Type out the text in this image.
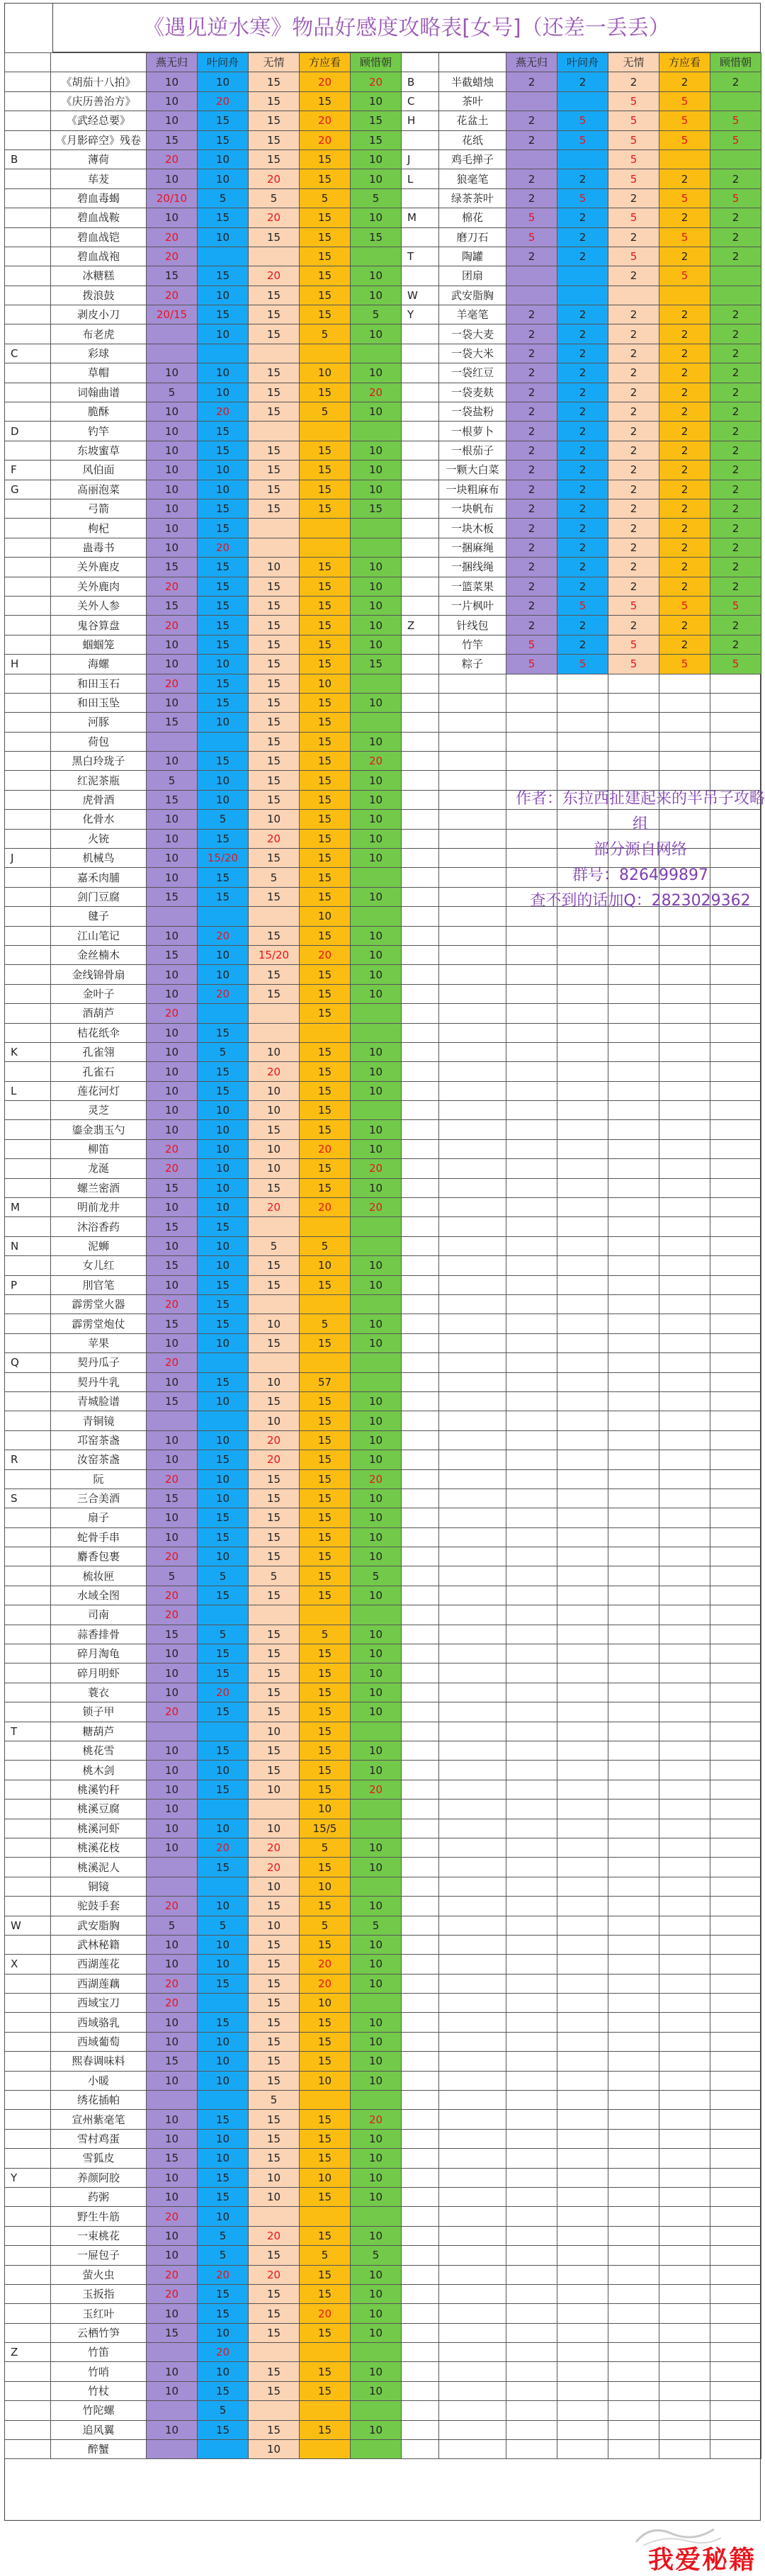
《遇见逆水寒》物品好感度攻略表[女号]（还差一丢丢）
		燕无归	叶问舟	无情	方应看	顾惜朝
	《胡茄十八拍》	10	10	15	20	20
	《庆历善治方》	10	20	15	15	10
	《武经总要》	10	15	15	20	15
	《月影碎空》残卷	15	15	15	20	15
B	薄荷	20	10	15	15	10
	荜茇	10	10	20	15	10
	碧血毒蝎	20/10	5	5	5	5
	碧血战鞍	10	15	20	15	10
	碧血战铠	20	10	15	15	15
	碧血战袍	20			15	
	冰糖糕	15	15	20	15	10
	拨浪鼓	20	10	15	15	10
	剥皮小刀	20/15	15	15	15	5
	布老虎		10	15	5	10
C	彩球					
	草帽	10	10	15	10	10
	词翰曲谱	5	10	15	15	20
	脆酥	10	20	15	5	10
D	钓竿	10	15			
	东坡蜜草	10	15	15	15	10
F	风伯面	10	10	15	15	10
G	高丽泡菜	10	10	15	15	10
	弓箭	10	15	15	15	15
	枸杞	10	15			
	蛊毒书	10	20			
	关外鹿皮	15	15	10	15	10
	关外鹿肉	20	15	15	15	10
	关外人参	15	15	15	15	10
	鬼谷算盘	20	15	15	15	10
	蝈蝈笼	10	15	15	15	10
H	海螺	10	10	15	15	15
	和田玉石	20	15	15	10	
	和田玉坠	10	15	15	15	10
	河豚	15	10	15	15	
	荷包			15	15	10
	黑白玲珑子	10	15	15	15	20
	红泥茶瓶	5	10	15	15	10
	虎骨酒	15	10	15	15	10
	化骨水	10	5	10	15	10
	火铳	10	15	20	15	10
J	机械鸟	10	15/20	15	15	10
	嘉禾肉脯	10	15	5	15	
	剑门豆腐	15	15	15	15	10
	毽子				10	
	江山笔记	10	20	15	15	10
	金丝楠木	15	10	15/20	20	10
	金线锦骨扇	10	10	15	15	10
	金叶子	10	20	15	15	10
	酒葫芦	20			15	
	桔花纸伞	10	15			
K	孔雀翎	10	5	10	15	10
	孔雀石	10	15	20	15	10
L	莲花河灯	10	15	10	15	10
	灵芝	10	10	10	15	
	鎏金翡玉勺	10	10	15	15	10
	柳笛	20	10	10	20	10
	龙涎	20	10	10	15	20
	螺兰密酒	15	10	15	15	10
M	明前龙井	10	10	20	20	20
	沐浴香药	15	15			
N	泥蛳	10	10	5	5	
	女儿红	15	10	15	10	10
P	刖官笔	10	15	15	15	10
	霹雳堂火器	20	15			
	霹雳堂炮仗	15	15	10	5	10
	苹果	10	10	15	15	10
Q	契丹瓜子	20				
	契丹牛乳	10	15	10	57	
	青城脸谱	15	10	15	15	10
	青铜镜			10	15	10
	邛窑茶盏	10	10	20	15	10
R	汝窑茶盏	10	15	20	15	10
	阮	20	10	15	15	20
S	三合美酒	15	10	15	15	10
	扇子	10	15	15	15	10
	蛇骨手串	10	15	15	15	10
	麝香包裹	20	10	15	15	10
	梳妆匣	5	5	5	15	5
	水域全图	20	15	15	15	10
	司南	20				
	蒜香排骨	15	5	15	5	10
	碎月淘龟	10	15	15	15	10
	碎月明虾	10	15	15	15	10
	蓑衣	10	20	15	15	10
	锁子甲	20	15	15	15	10
T	糖葫芦			10	15	
	桃花雪	10	15	15	15	10
	桃木剑	10	10	15	15	10
	桃溪钓秆	10	15	10	15	20
	桃溪豆腐	10			10	
	桃溪河虾	10	10	10	15/5	
	桃溪花枝	10	20	20	5	10
	桃溪泥人		15	20	15	10
	铜镜			10	10	
	驼鼓手套	20	10	15	15	10
W	武安脂胸	5	5	10	5	5
	武林秘籍	10	10	15	15	10
X	西湖莲花	10	10	15	20	10
	西湖莲藕	20	15	15	20	10
	西域宝刀	20		15	10	
	西域骆乳	10	15	15	15	10
	西域葡萄	10	10	15	15	10
	熙春调味料	15	10	15	15	10
	小暖	10	10	15	10	10
	绣花插帕			5		
	宣州紫毫笔	10	15	15	15	20
	雪村鸡蛋	10	10	15	15	10
	雪狐皮	15	10	15	15	10
Y	养颜阿胶	10	15	10	10	10
	药粥	10	15	10	15	10
	野生牛筋	20	10			
	一束桃花	10	5	20	15	10
	一屉包子	10	5	15	5	5
	萤火虫	20	20	20	15	10
	玉扳指	20	15	15	15	10
	玉红叶	10	15	15	20	10
	云栖竹笋	15	10	15	15	10
Z	竹笛		20			
	竹哨	10	10	15	15	10
	竹杖	10	15	15	15	10
	竹陀螺		5			
	追风翼	10	15	15	15	10
	醉蟹			10		
		燕无归	叶问舟	无情	方应看	顾惜朝
B	半截蜡烛	2	2	2	2	2
C	茶叶			5	5	
H	花盆土	2	5	5	5	5
	花纸	2	5	5	5	5
J	鸡毛掸子			5		
L	狼毫笔	2	2	5	2	2
	绿茶茶叶	2	5	2	5	5
M	棉花	5	2	5	2	2
	磨刀石	5	2	2	5	2
T	陶罐	2	2	5	2	2
	团扇			2	5	
W	武安脂胸					
Y	羊毫笔	2	2	2	2	2
	一袋大麦	2	2	2	2	2
	一袋大米	2	2	2	2	2
	一袋红豆	2	2	2	2	2
	一袋麦麸	2	2	2	2	2
	一袋盐粉	2	2	2	2	2
	一根萝卜	2	2	2	2	2
	一根茄子	2	2	2	2	2
	一颗大白菜	2	2	2	2	2
	一块粗麻布	2	2	2	2	2
	一块帆布	2	2	2	2	2
	一块木板	2	2	2	2	2
	一捆麻绳	2	2	2	2	2
	一捆线绳	2	2	2	2	2
	一篮菜果	2	2	2	2	2
	一片枫叶	2	5	5	5	5
Z	针线包	2	2	2	2	2
	竹竿	5	2	5	2	2
	粽子	5	5	5	5	5

作者：东拉西扯建起来的半吊子攻略组
部分源自网络
群号：826499897
查不到的话加Q：2823029362
我爱秘籍
